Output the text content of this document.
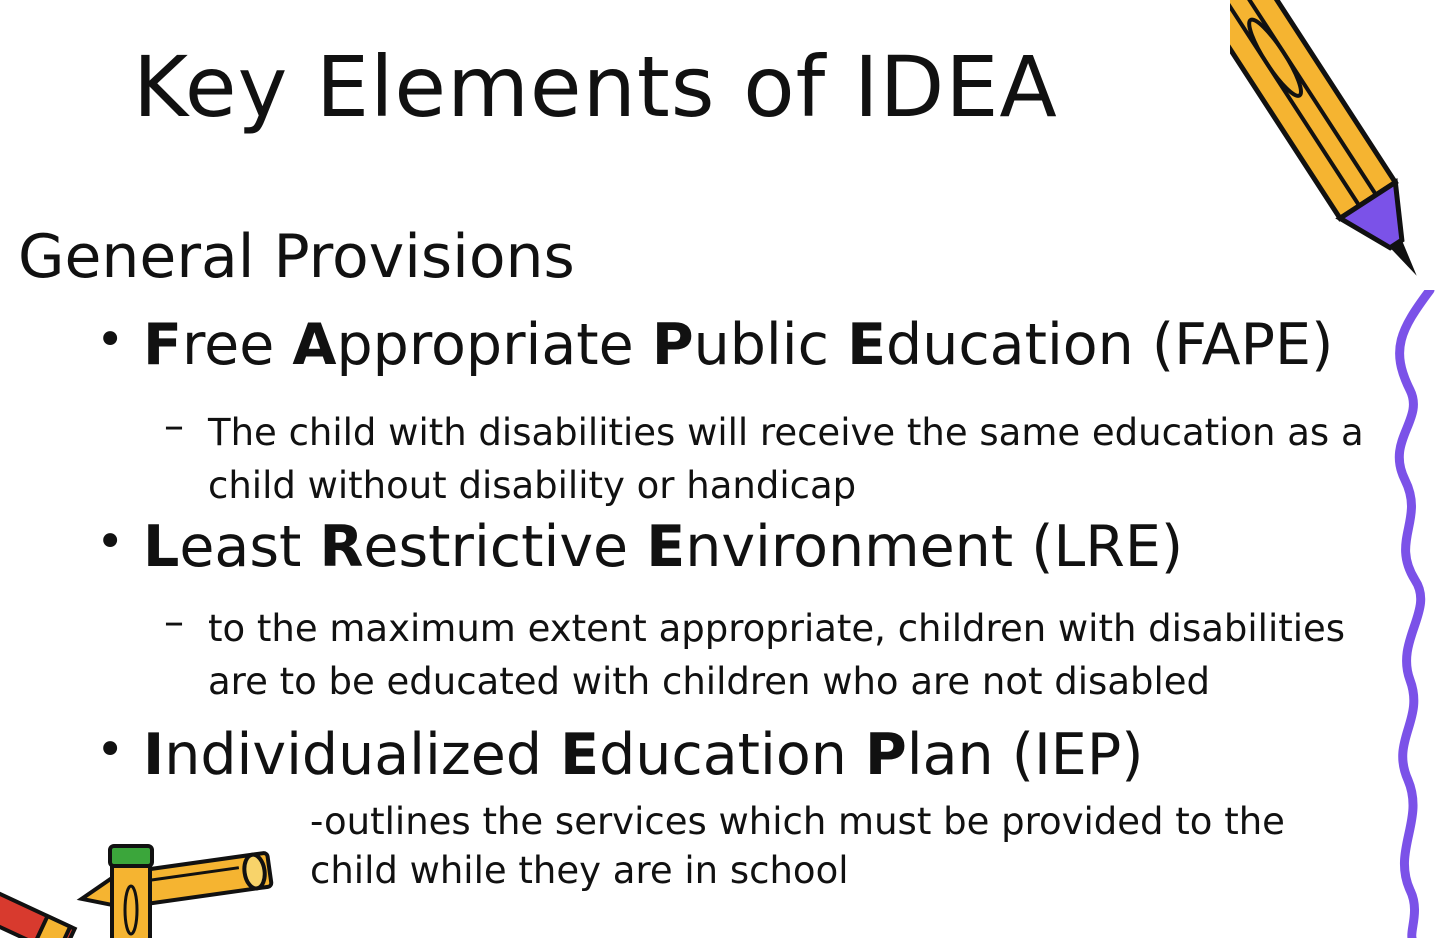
Key Elements of IDEA
General Provisions
• Free Appropriate Public Education (FAPE)
– The child with disabilities will receive the same education as a child without disability or handicap
• Least Restrictive Environment (LRE)
– to the maximum extent appropriate, children with disabilities are to be educated with children who are not disabled
• Individualized Education Plan (IEP)
-outlines the services which must be provided to the child while they are in school
